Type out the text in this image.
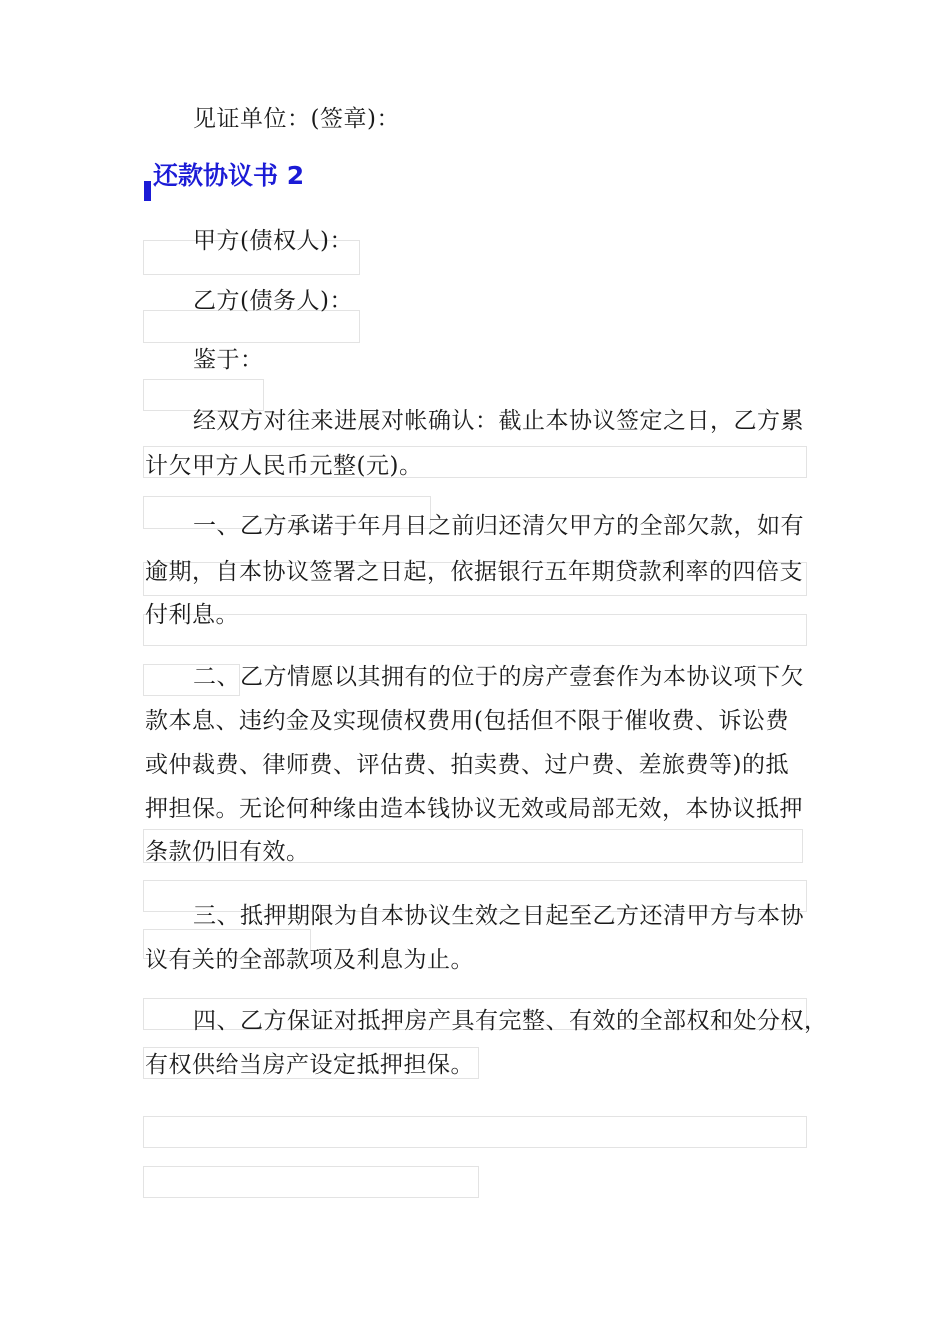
见证单位：(签章)：
还款协议书 2
甲方(债权人)：
乙方(债务人)：
鉴于：
经双方对往来进展对帐确认：截止本协议签定之日，乙方累
计欠甲方人民币元整(元)。
一、乙方承诺于年月日之前归还清欠甲方的全部欠款，如有
逾期，自本协议签署之日起，依据银行五年期贷款利率的四倍支
付利息。
二、乙方情愿以其拥有的位于的房产壹套作为本协议项下欠
款本息、违约金及实现债权费用(包括但不限于催收费、诉讼费
或仲裁费、律师费、评估费、拍卖费、过户费、差旅费等)的抵
押担保。无论何种缘由造本钱协议无效或局部无效，本协议抵押
条款仍旧有效。
三、抵押期限为自本协议生效之日起至乙方还清甲方与本协
议有关的全部款项及利息为止。
四、乙方保证对抵押房产具有完整、有效的全部权和处分权，
有权供给当房产设定抵押担保。
